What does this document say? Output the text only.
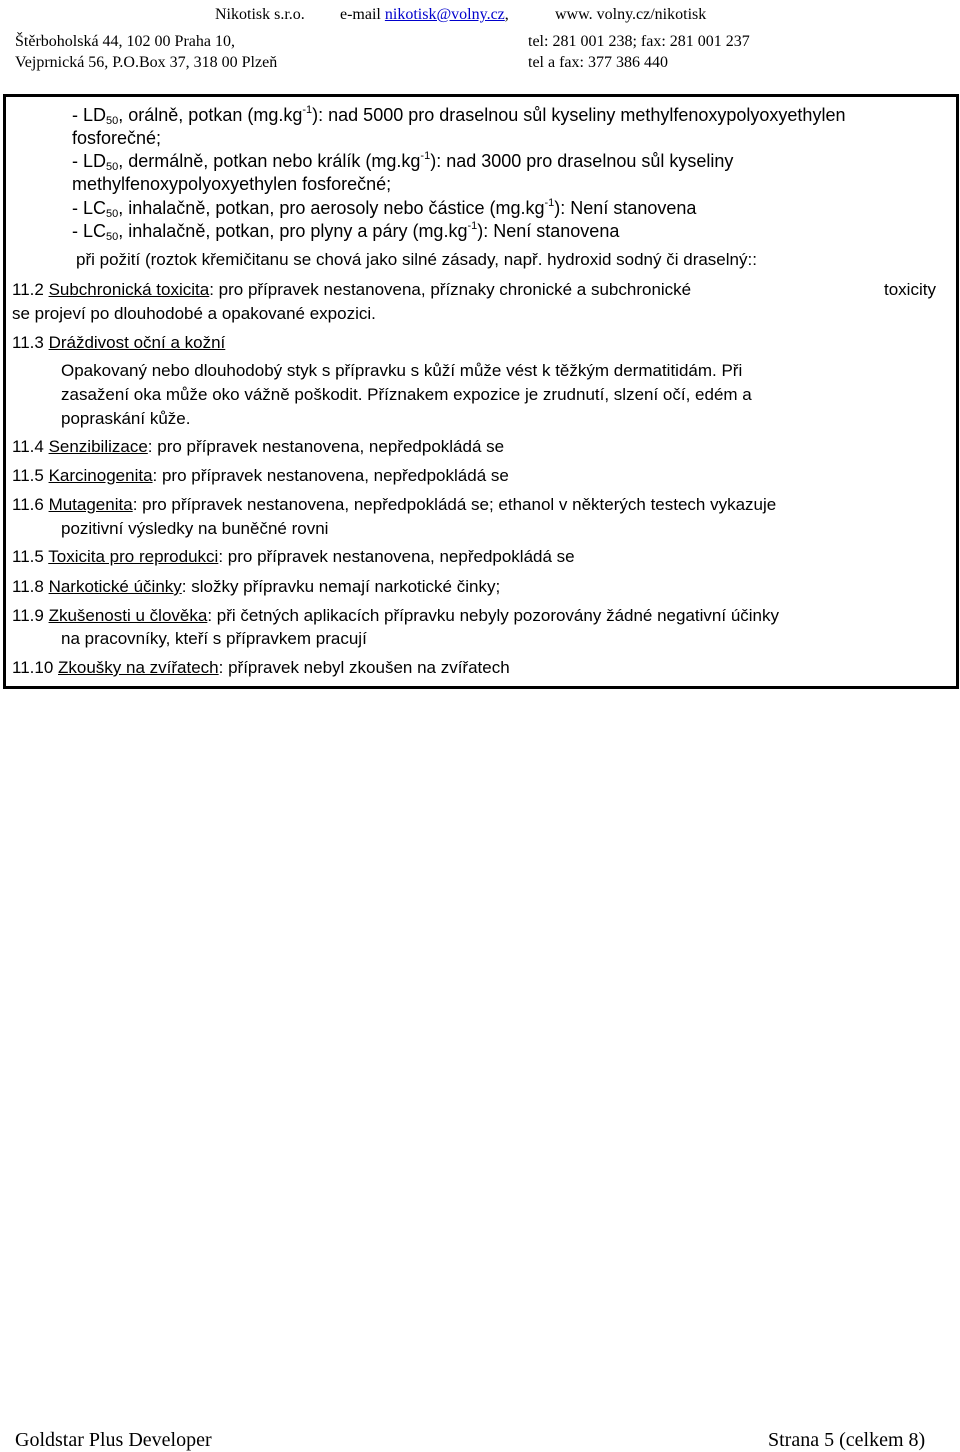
Nikotisk s.r.o. e-mail nikotisk@volny.cz,	www. volny.cz/nikotisk
Štěrboholská 44, 102 00 Praha 10,	tel: 281 001 238; fax: 281 001 237
Vejprnická 56, P.O.Box 37, 318 00 Plzeň	tel a fax: 377 386 440
- $LD_{50}$, orálně, potkan $(mg.kg^{-1})$: nad 5000 pro draselnou sůl kyseliny methylfenoxypolyoxyethylen
fosforečné;
- $LD_{50}$, dermálně, potkan nebo králík $(mg.kg^{-1})$: nad 3000 pro draselnou sůl kyseliny
methylfenoxypolyoxyethylen fosforečné;
- $LC_{50}$, inhalačně, potkan, pro aerosoly nebo částice $(mg.kg^{-1})$: Není stanovena
- $LC_{50}$, inhalačně, potkan, pro plyny a páry $(mg.kg^{-1})$: Není stanovena
při požití (roztok křemičitanu se chová jako silné zásady, např. hydroxid sodný či draselný::
11.2 Subchronická toxicita: pro přípravek nestanovena, příznaky chronické a subchronické	toxicity
se projeví po dlouhodobé a opakované expozici.
11.3 Dráždivost oční a kožní
Opakovaný nebo dlouhodobý styk s přípravku s kůží může vést k těžkým dermatitidám. Při
zasažení oka může oko vážně poškodit. Příznakem expozice je zrudnutí, slzení očí, edém a
popraskání kůže.
11.4 Senzibilizace: pro přípravek nestanovena, nepředpokládá se
11.5 Karcinogenita: pro přípravek nestanovena, nepředpokládá se
11.6 Mutagenita: pro přípravek nestanovena, nepředpokládá se; ethanol v některých testech vykazuje
pozitivní výsledky na buněčné rovni
11.5 Toxicita pro reprodukci: pro přípravek nestanovena, nepředpokládá se
11.8 Narkotické účinky: složky přípravku nemají narkotické činky;
11.9 Zkušenosti u člověka: při četných aplikacích přípravku nebyly pozorovány žádné negativní účinky
na pracovníky, kteří s přípravkem pracují
11.10 Zkoušky na zvířatech: přípravek nebyl zkoušen na zvířatech
Goldstar Plus Developer	Strana 5 (celkem 8)
